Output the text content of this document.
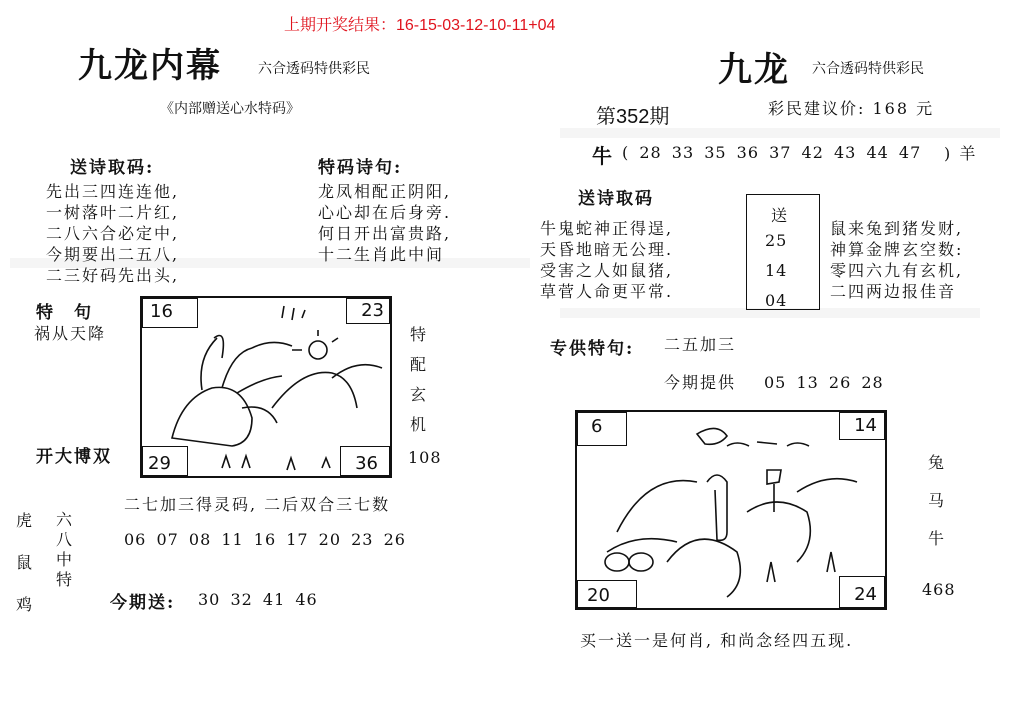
上期开奖结果：16-15-03-12-10-11+04
九龙内幕	六合透码特供彩民
《内部赠送心水特码》
送诗取码:
先出三四连连他,
一树落叶二片红,
二八六合必定中,
今期要出二五八,
二三好码先出头,
特码诗句:
龙凤相配正阴阳,
心心却在后身旁.
何日开出富贵路,
十二生肖此中间
特　句
祸从天降
16	23
29	36
特配玄机
开大博双	108
二七加三得灵码, 二后双合三七数
虎
鼠
鸡
六八中特
06 07 08 11 16 17 20 23 26
今期送: 30 32 41 46
九龙 六合透码特供彩民
第352期	彩民建议价: 168 元
牛 ( 28 33 35 36 37 42 43 44 47 ) 羊
送诗取码
牛鬼蛇神正得逞,
天昏地暗无公理.
受害之人如鼠猪,
草菅人命更平常.
送
25
14
04
鼠来兔到猪发财,
神算金牌玄空数:
零四六九有玄机,
二四两边报佳音
专供特句: 二五加三
今期提供 05 13 26 28
6	14
20	24
兔
马
牛
468
买一送一是何肖, 和尚念经四五现.
